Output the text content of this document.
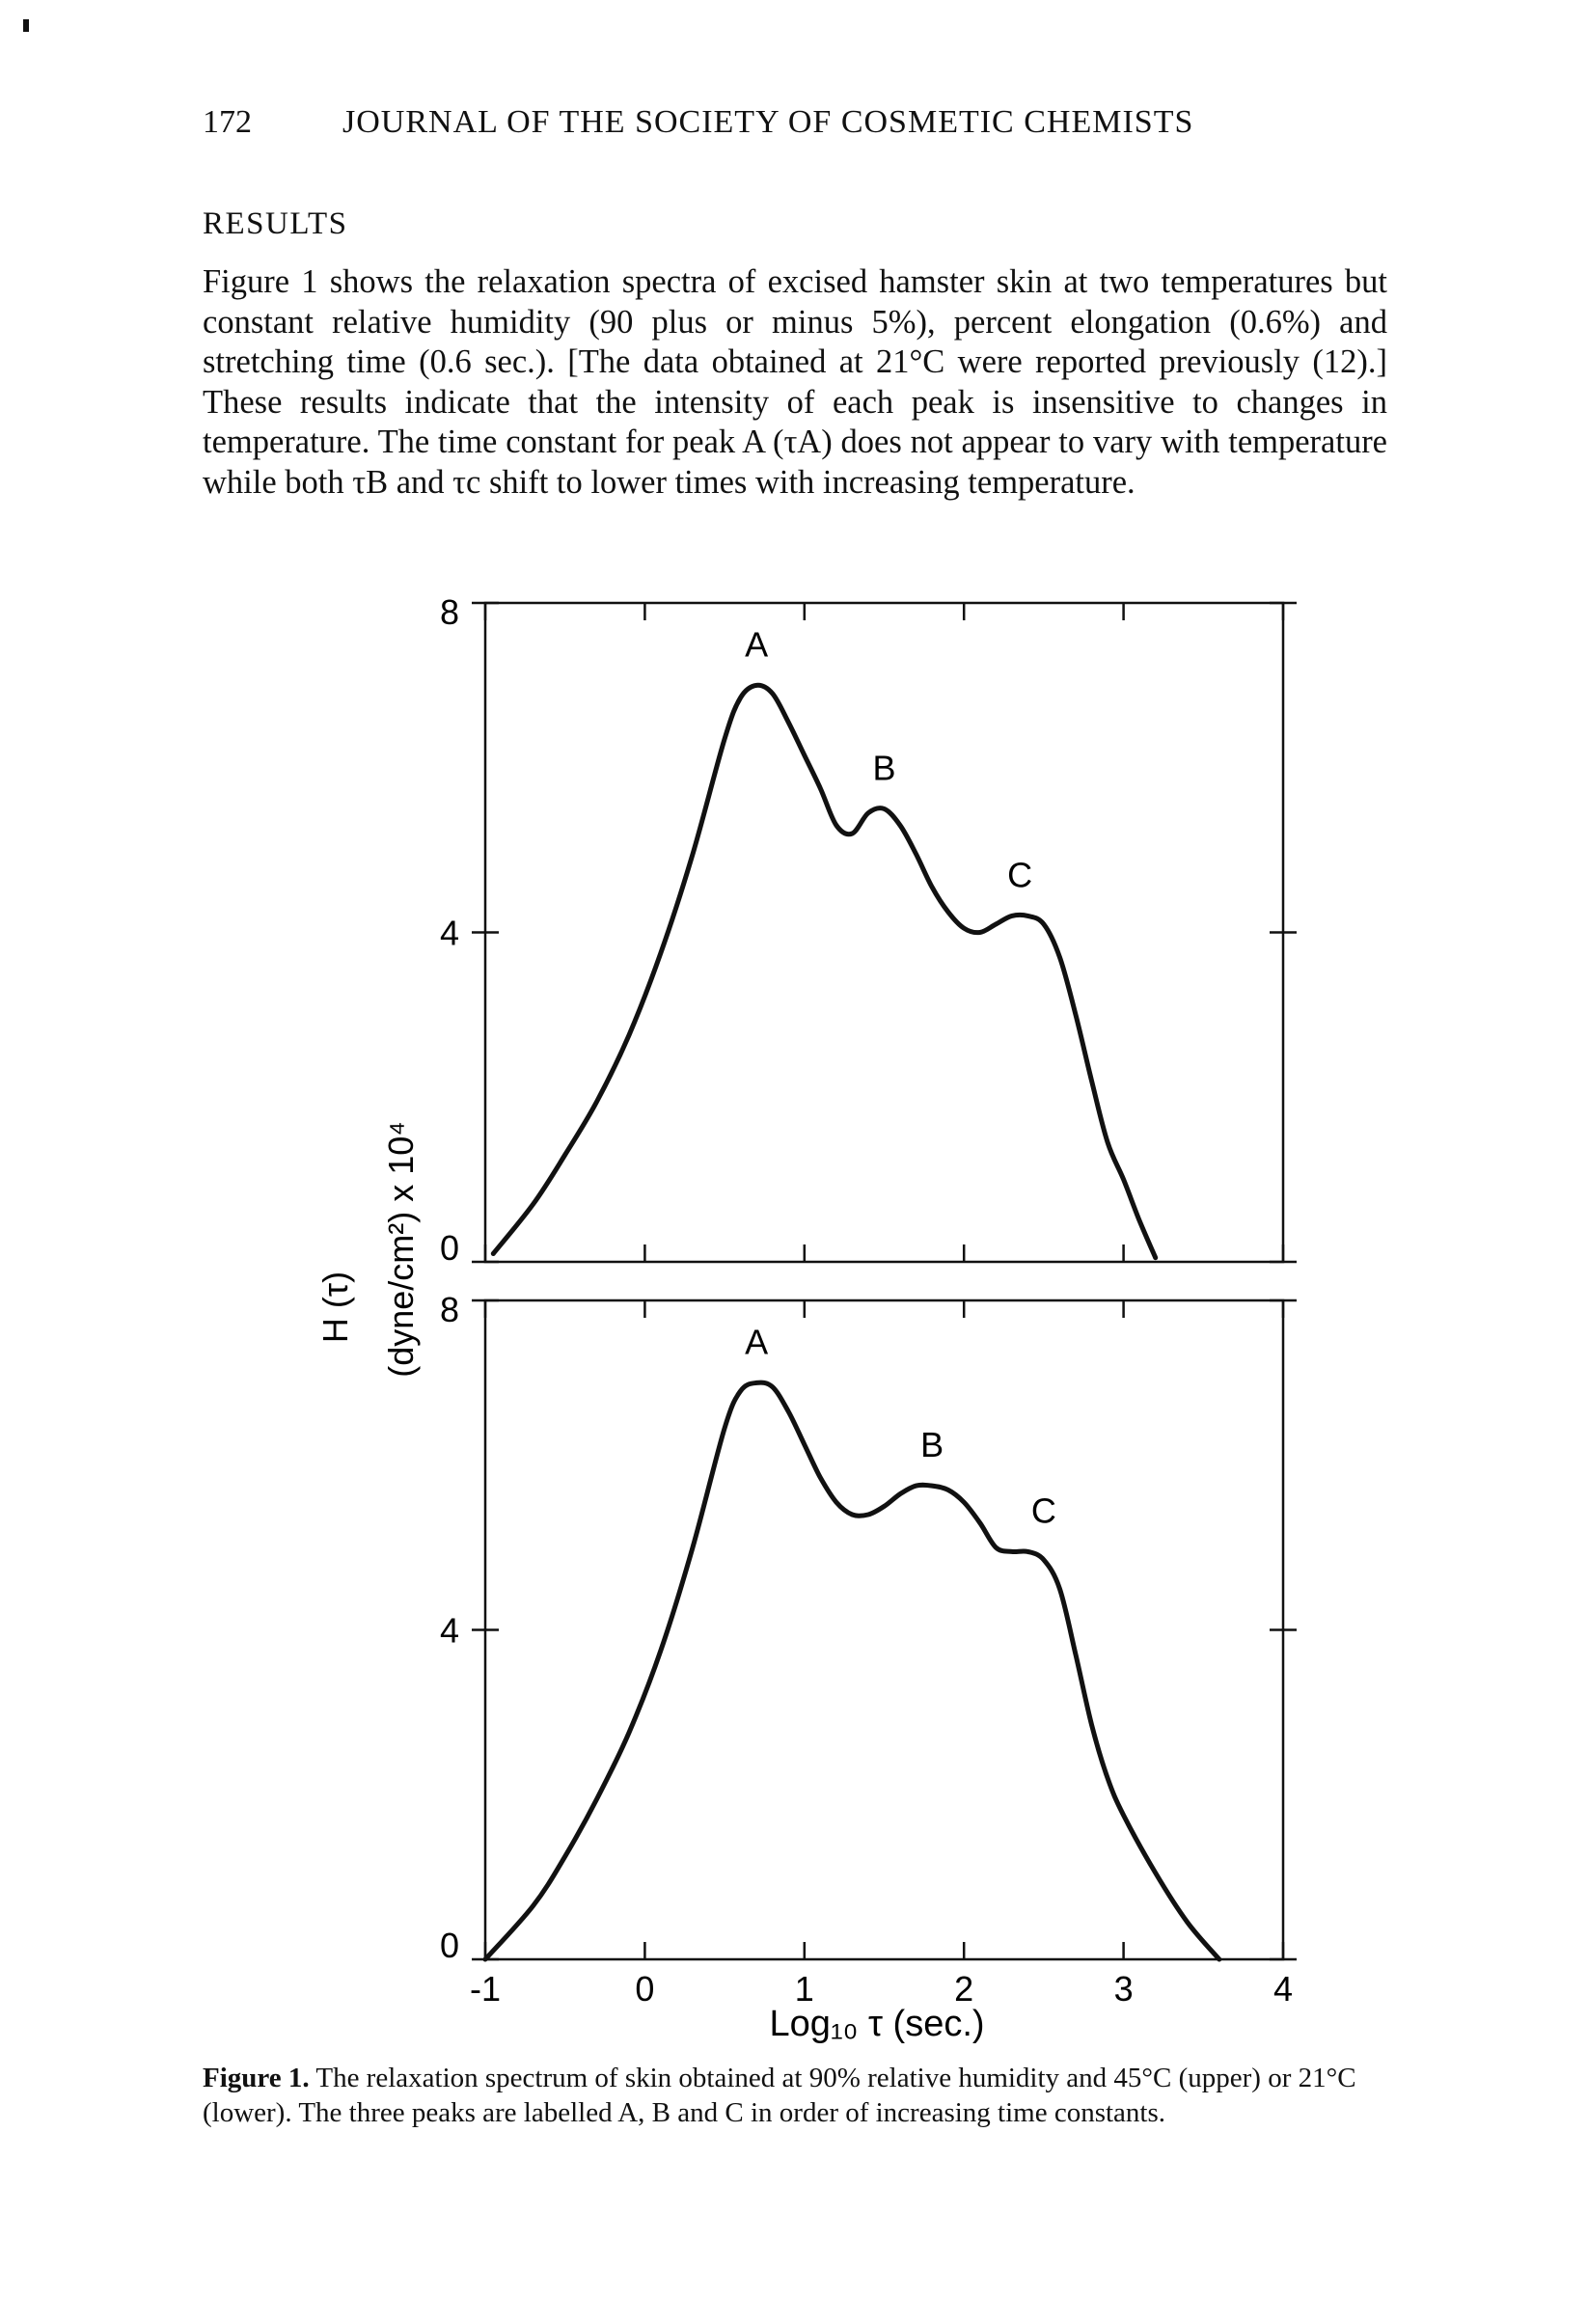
172	JOURNAL OF THE SOCIETY OF COSMETIC CHEMISTS
RESULTS

Figure 1 shows the relaxation spectra of excised hamster skin at two temperatures but constant relative humidity (90 plus or minus 5%), percent elongation (0.6%) and stretching time (0.6 sec.). [The data obtained at 21°C were reported previously (12).] These results indicate that the intensity of each peak is insensitive to changes in temperature. The time constant for peak A (τA) does not appear to vary with temperature while both τB and τc shift to lower times with increasing temperature.

0
4
8
A
B
C
-1	0	1	2	3	4
0
4
8
A
B
C
H (τ) (dyne/cm²) x 10⁴
Log₁₀ τ (sec.)
Figure 1. The relaxation spectrum of skin obtained at 90% relative humidity and 45°C (upper) or 21°C (lower). The three peaks are labelled A, B and C in order of increasing time constants.
